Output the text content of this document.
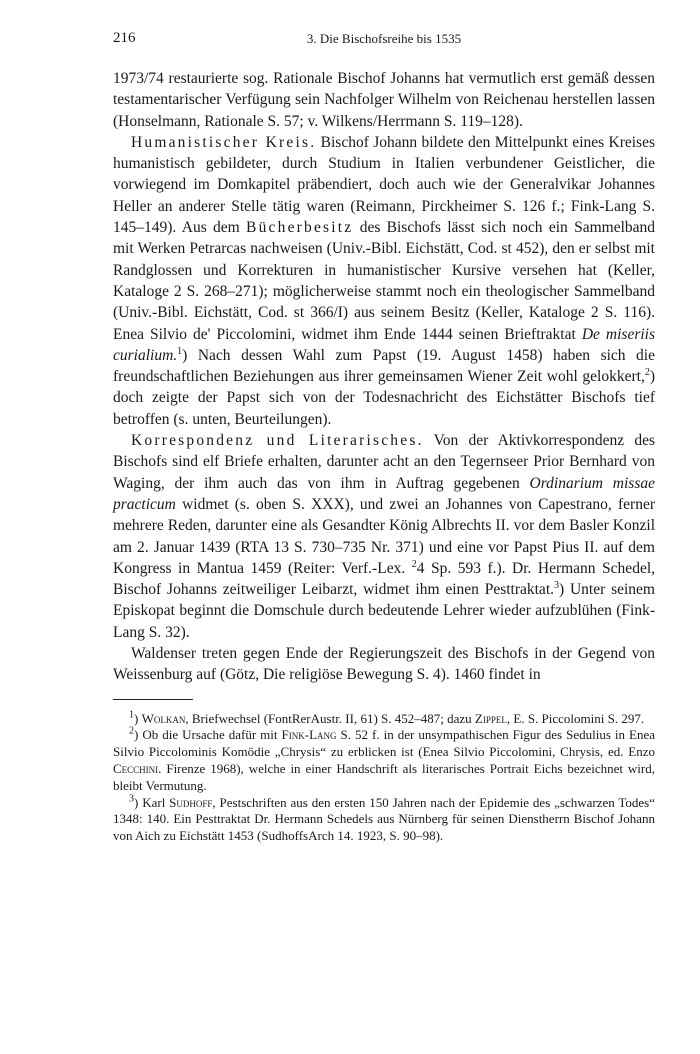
216	3. Die Bischofsreihe bis 1535

1973/74 restaurierte sog. Rationale Bischof Johanns hat vermutlich erst gemäß dessen testamentarischer Verfügung sein Nachfolger Wilhelm von Reichenau herstellen lassen (Honselmann, Rationale S. 57; v. Wilkens/Herrmann S. 119–128).

Humanistischer Kreis. Bischof Johann bildete den Mittelpunkt eines Kreises humanistisch gebildeter, durch Studium in Italien verbundener Geistlicher, die vorwiegend im Domkapitel präbendiert, doch auch wie der Generalvikar Johannes Heller an anderer Stelle tätig waren (Reimann, Pirckheimer S. 126 f.; Fink-Lang S. 145–149). Aus dem Bücherbesitz des Bischofs lässt sich noch ein Sammelband mit Werken Petrarcas nachweisen (Univ.-Bibl. Eichstätt, Cod. st 452), den er selbst mit Randglossen und Korrekturen in humanistischer Kursive versehen hat (Keller, Kataloge 2 S. 268–271); möglicherweise stammt noch ein theologischer Sammelband (Univ.-Bibl. Eichstätt, Cod. st 366/I) aus seinem Besitz (Keller, Kataloge 2 S. 116). Enea Silvio de' Piccolomini, widmet ihm Ende 1444 seinen Brieftraktat De miseriis curialium.$^1$) Nach dessen Wahl zum Papst (19. August 1458) haben sich die freundschaftlichen Beziehungen aus ihrer gemeinsamen Wiener Zeit wohl gelokkert,$^2$) doch zeigte der Papst sich von der Todesnachricht des Eichstätter Bischofs tief betroffen (s. unten, Beurteilungen).

Korrespondenz und Literarisches. Von der Aktivkorrespondenz des Bischofs sind elf Briefe erhalten, darunter acht an den Tegernseer Prior Bernhard von Waging, der ihm auch das von ihm in Auftrag gegebenen Ordinarium missae practicum widmet (s. oben S. XXX), und zwei an Johannes von Capestrano, ferner mehrere Reden, darunter eine als Gesandter König Albrechts II. vor dem Basler Konzil am 2. Januar 1439 (RTA 13 S. 730–735 Nr. 371) und eine vor Papst Pius II. auf dem Kongress in Mantua 1459 (Reiter: Verf.-Lex. $^2$4 Sp. 593 f.). Dr. Hermann Schedel, Bischof Johanns zeitweiliger Leibarzt, widmet ihm einen Pesttraktat.$^3$) Unter seinem Episkopat beginnt die Domschule durch bedeutende Lehrer wieder aufzublühen (Fink-Lang S. 32).

Waldenser treten gegen Ende der Regierungszeit des Bischofs in der Gegend von Weissenburg auf (Götz, Die religiöse Bewegung S. 4). 1460 findet in

$^1$) Wolkan, Briefwechsel (FontRerAustr. II, 61) S. 452–487; dazu Zippel, E. S. Piccolomini S. 297.

$^2$) Ob die Ursache dafür mit Fink-Lang S. 52 f. in der unsympathischen Figur des Sedulius in Enea Silvio Piccolominis Komödie „Chrysis“ zu erblicken ist (Enea Silvio Piccolomini, Chrysis, ed. Enzo Cecchini. Firenze 1968), welche in einer Handschrift als literarisches Portrait Eichs bezeichnet wird, bleibt Vermutung.

$^3$) Karl Sudhoff, Pestschriften aus den ersten 150 Jahren nach der Epidemie des „schwarzen Todes“ 1348: 140. Ein Pesttraktat Dr. Hermann Schedels aus Nürnberg für seinen Dienstherrn Bischof Johann von Aich zu Eichstätt 1453 (SudhoffsArch 14. 1923, S. 90–98).
